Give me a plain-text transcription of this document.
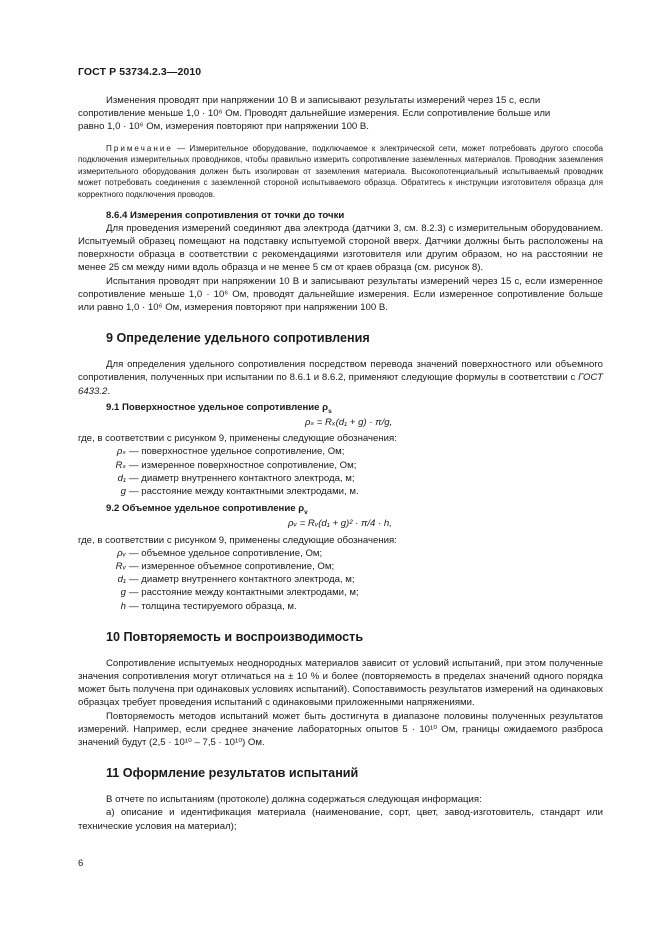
ГОСТ Р 53734.2.3—2010

Изменения проводят при напряжении 10 В и записывают результаты измерений через 15 с, если

сопротивление меньше 1,0 · 10⁶ Ом. Проводят дальнейшие измерения. Если сопротивление больше или

равно 1,0 · 10⁶ Ом, измерения повторяют при напряжении 100 В.

Примечание — Измерительное оборудование, подключаемое к электрической сети, может потребовать другого способа подключения измерительных проводников, чтобы правильно измерить сопротивление заземленных материалов. Проводник заземления измерительного оборудования должен быть изолирован от заземления материала. Высокопотенциальный испытываемый проводник может потребовать соединения с заземленной стороной испытываемого образца. Обратитесь к инструкции изготовителя образца для корректного подключения проводов.

8.6.4 Измерения сопротивления от точки до точки

Для проведения измерений соединяют два электрода (датчики 3, см. 8.2.3) с измерительным оборудованием. Испытуемый образец помещают на подставку испытуемой стороной вверх. Датчики должны быть расположены на поверхности образца в соответствии с рекомендациями изготовителя или другим образом, но на расстоянии не менее 25 см между ними вдоль образца и не менее 5 см от краев образца (см. рисунок 8).

Испытания проводят при напряжении 10 В и записывают результаты измерений через 15 с, если измеренное сопротивление меньше 1,0 · 10⁶ Ом, проводят дальнейшие измерения. Если измеренное сопротивление больше или равно 1,0 · 10⁶ Ом, измерения повторяют при напряжении 100 В.

9 Определение удельного сопротивления

Для определения удельного сопротивления посредством перевода значений поверхностного или объемного сопротивления, полученных при испытании по 8.6.1 и 8.6.2, применяют следующие формулы в соответствии с ГОСТ 6433.2.

9.1 Поверхностное удельное сопротивление $\rho_s$

ρₛ = Rₓ(d₁ + g) · π/g,

где, в соответствии с рисунком 9, применены следующие обозначения:

ρₛ — поверхностное удельное сопротивление, Ом;
Rₛ — измеренное поверхностное сопротивление, Ом;
d₁ — диаметр внутреннего контактного электрода, м;
g — расстояние между контактными электродами, м.

9.2 Объемное удельное сопротивление $\rho_v$

ρᵥ = Rᵥ(d₁ + g)² · π/4 · h,

где, в соответствии с рисунком 9, применены следующие обозначения:

ρᵥ — объемное удельное сопротивление, Ом;
Rᵥ — измеренное объемное сопротивление, Ом;
d₁ — диаметр внутреннего контактного электрода, м;
g — расстояние между контактными электродами, м;
h — толщина тестируемого образца, м.
10 Повторяемость и воспроизводимость

Сопротивление испытуемых неоднородных материалов зависит от условий испытаний, при этом полученные значения сопротивления могут отличаться на ± 10 % и более (повторяемость в пределах значений одного порядка может быть получена при одинаковых условиях испытаний). Сопоставимость результатов измерений на одинаковых образцах требует проведения испытаний с одинаковыми приложенными напряжениями.

Повторяемость методов испытаний может быть достигнута в диапазоне половины полученных результатов измерений. Например, если среднее значение лабораторных опытов 5 · 10¹⁰ Ом, границы ожидаемого разброса значений будут (2,5 · 10¹⁰ – 7,5 · 10¹⁰) Ом.

11 Оформление результатов испытаний

В отчете по испытаниям (протоколе) должна содержаться следующая информация:

а) описание и идентификация материала (наименование, сорт, цвет, завод-изготовитель, стандарт или технические условия на материал);

6
